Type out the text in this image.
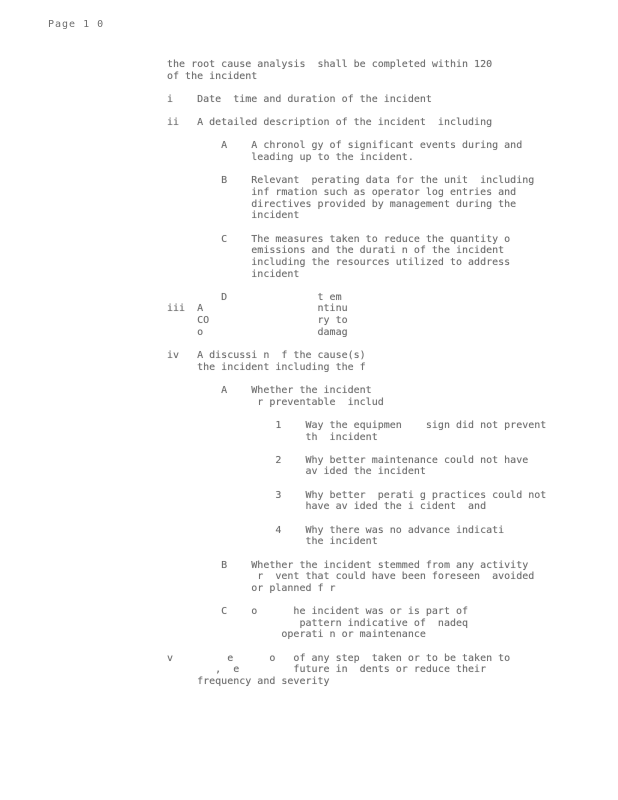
Page 1 0
the root cause analysis  shall be completed within 120
of the incident
i    Date  time and duration of the incident
ii   A detailed description of the incident  including
A    A chronol gy of significant events during and
leading up to the incident.
B    Relevant  perating data for the unit  including
inf rmation such as operator log entries and
directives provided by management during the
incident
C    The measures taken to reduce the quantity o
emissions and the durati n of the incident
including the resources utilized to address
incident
D               t em
iii  A                   ntinu
CO                  ry to
o                   damag
iv   A discussi n  f the cause(s)
the incident including the f
A    Whether the incident
r preventable  includ
1    Way the equipmen    sign did not prevent
th  incident
2    Why better maintenance could not have
av ided the incident
3    Why better  perati g practices could not
have av ided the i cident  and
4    Why there was no advance indicati
the incident
B    Whether the incident stemmed from any activity
r  vent that could have been foreseen  avoided
or planned f r
C    o      he incident was or is part of
pattern indicative of  nadeq
operati n or maintenance
v         e      o   of any step  taken or to be taken to
,  e         future in  dents or reduce their
frequency and severity
